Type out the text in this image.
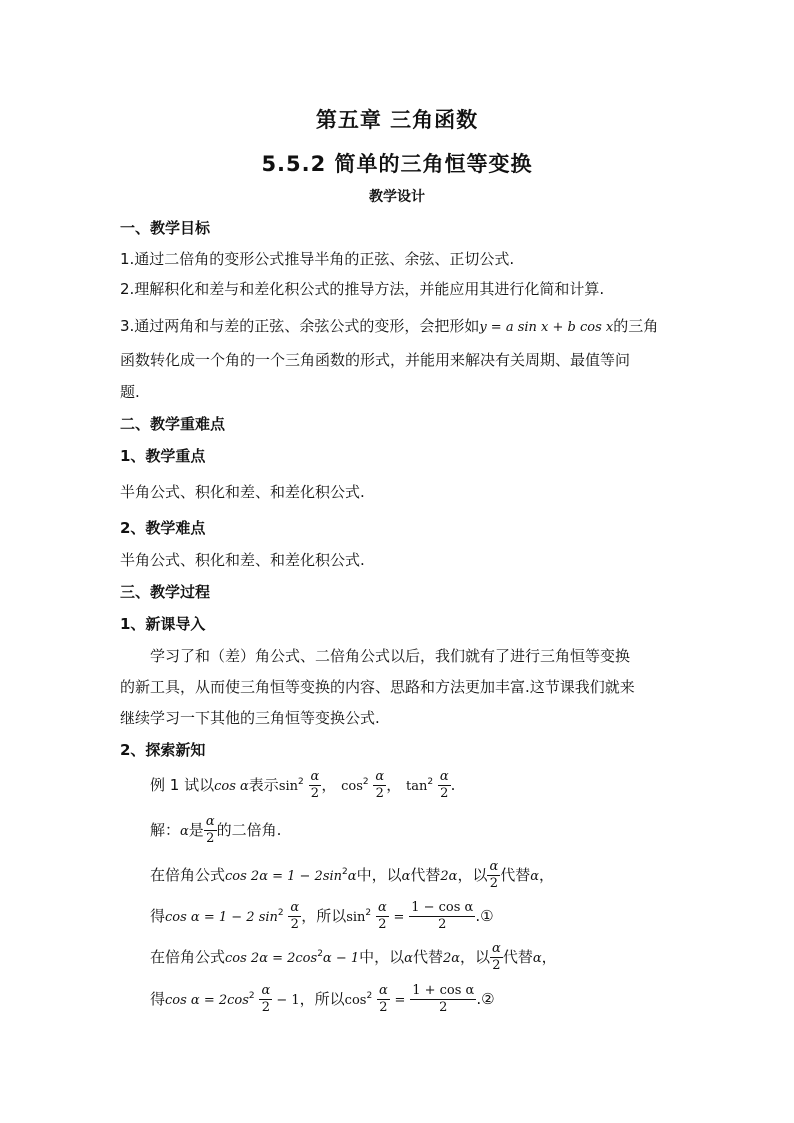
第五章 三角函数
5.5.2 简单的三角恒等变换
教学设计
一、教学目标
1.通过二倍角的变形公式推导半角的正弦、余弦、正切公式.
2.理解积化和差与和差化积公式的推导方法，并能应用其进行化简和计算.
3.通过两角和与差的正弦、余弦公式的变形，会把形如y = a sin x + b cos x的三角
函数转化成一个角的一个三角函数的形式，并能用来解决有关周期、最值等问
题.
二、教学重难点
1、教学重点
半角公式、积化和差、和差化积公式.
2、教学难点
半角公式、积化和差、和差化积公式.
三、教学过程
1、新课导入
学习了和（差）角公式、二倍角公式以后，我们就有了进行三角恒等变换
的新工具，从而使三角恒等变换的内容、思路和方法更加丰富.这节课我们就来
继续学习一下其他的三角恒等变换公式.
2、探索新知
例 1 试以cos α表示$\sin^2 \frac{\alpha}{2}$ ， $\cos^2 \frac{\alpha}{2}$ ， $\tan^2 \frac{\alpha}{2}$ .
解：α是 $\frac{\alpha}{2}$ 的二倍角.
在倍角公式$\cos 2\alpha = 1 - 2\sin^2\alpha$中，以α代替2α，以 $\frac{\alpha}{2}$ 代替α，
得cos α = 1 − 2 $\sin^2 \frac{\alpha}{2}$ ，所以$\sin^2 \frac{\alpha}{2} = \frac{\text{1 − cos α}}{2}$ .①
在倍角公式$\cos 2\alpha = 2\cos^2\alpha - 1$中，以α代替2α，以 $\frac{\alpha}{2}$ 代替α，
得$\cos \alpha = 2\cos^2 \frac{\alpha}{2} - 1$，所以$\cos^2 \frac{\alpha}{2} = \frac{\text{1 + cos α}}{2}$ .②
